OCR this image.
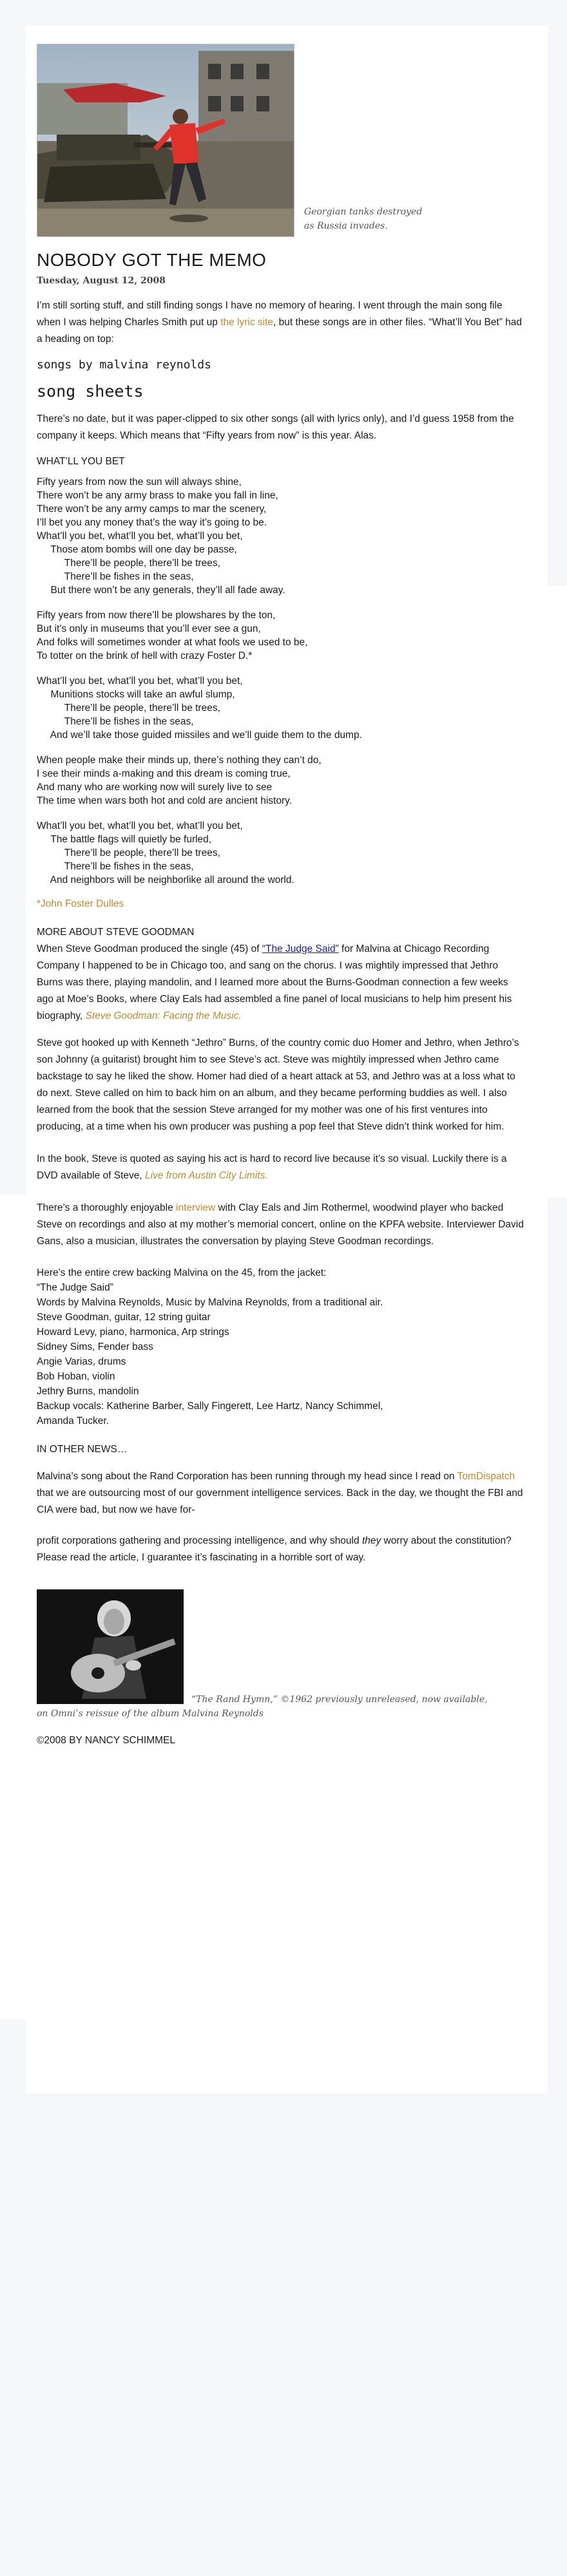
Georgian tanks destroyed
as Russia invades.
NOBODY GOT THE MEMO
Tuesday, August 12, 2008

I’m still sorting stuff, and still finding songs I have no memory of hearing. I went through the main song file when I was helping Charles Smith put up the lyric site, but these songs are in other files. “What’ll You Bet” had a heading on top:

songs by malvina reynolds
song sheets

There’s no date, but it was paper-clipped to six other songs (all with lyrics only), and I’d guess 1958 from the company it keeps. Which means that “Fifty years from now” is this year. Alas.

WHAT’LL YOU BET
Fifty years from now the sun will always shine,
There won’t be any army brass to make you fall in line,
There won’t be any army camps to mar the scenery,
I’ll bet you any money that’s the way it’s going to be.
What’ll you bet, what’ll you bet, what’ll you bet,
Those atom bombs will one day be passe,
There’ll be people, there’ll be trees,
There’ll be fishes in the seas,
But there won’t be any generals, they’ll all fade away.
Fifty years from now there’ll be plowshares by the ton,
But it’s only in museums that you’ll ever see a gun,
And folks will sometimes wonder at what fools we used to be,
To totter on the brink of hell with crazy Foster D.*
What’ll you bet, what’ll you bet, what’ll you bet,
Munitions stocks will take an awful slump,
There’ll be people, there’ll be trees,
There’ll be fishes in the seas,
And we’ll take those guided missiles and we’ll guide them to the dump.
When people make their minds up, there’s nothing they can’t do,
I see their minds a-making and this dream is coming true,
And many who are working now will surely live to see
The time when wars both hot and cold are ancient history.
What’ll you bet, what’ll you bet, what’ll you bet,
The battle flags will quietly be furled,
There’ll be people, there’ll be trees,
There’ll be fishes in the seas,
And neighbors will be neighborlike all around the world.
*John Foster Dulles
MORE ABOUT STEVE GOODMAN

When Steve Goodman produced the single (45) of “The Judge Said” for Malvina at Chicago Recording Company I happened to be in Chicago too, and sang on the chorus. I was mightily impressed that Jethro Burns was there, playing mandolin, and I learned more about the Burns-Goodman connection a few weeks ago at Moe’s Books, where Clay Eals had assembled a fine panel of local musicians to help him present his biography, Steve Goodman: Facing the Music.

Steve got hooked up with Kenneth “Jethro” Burns, of the country comic duo Homer and Jethro, when Jethro’s son Johnny (a guitarist) brought him to see Steve’s act. Steve was mightily impressed when Jethro came backstage to say he liked the show. Homer had died of a heart attack at 53, and Jethro was at a loss what to do next. Steve called on him to back him on an album, and they became performing buddies as well. I also learned from the book that the session Steve arranged for my mother was one of his first ventures into producing, at a time when his own producer was pushing a pop feel that Steve didn’t think worked for him.

In the book, Steve is quoted as saying his act is hard to record live because it’s so visual. Luckily there is a DVD available of Steve, Live from Austin City Limits.

There’s a thoroughly enjoyable interview with Clay Eals and Jim Rothermel, woodwind player who backed Steve on recordings and also at my mother’s memorial concert, online on the KPFA website. Interviewer David Gans, also a musician, illustrates the conversation by playing Steve Goodman recordings.

Here’s the entire crew backing Malvina on the 45, from the jacket:
“The Judge Said”
Words by Malvina Reynolds, Music by Malvina Reynolds, from a traditional air.
Steve Goodman, guitar, 12 string guitar
Howard Levy, piano, harmonica, Arp strings
Sidney Sims, Fender bass
Angie Varias, drums
Bob Hoban, violin
Jethry Burns, mandolin
Backup vocals: Katherine Barber, Sally Fingerett, Lee Hartz, Nancy Schimmel,
Amanda Tucker.
IN OTHER NEWS…

Malvina’s song about the Rand Corporation has been running through my head since I read on TomDispatch that we are outsourcing most of our government intelligence services. Back in the day, we thought the FBI and CIA were bad, but now we have for-

profit corporations gathering and processing intelligence, and why should they worry about the constitution? Please read the article, I guarantee it’s fascinating in a horrible sort of way.

“The Rand Hymn,” ©1962 previously unreleased, now available,
on Omni’s reissue of the album Malvina Reynolds
©2008 BY NANCY SCHIMMEL
